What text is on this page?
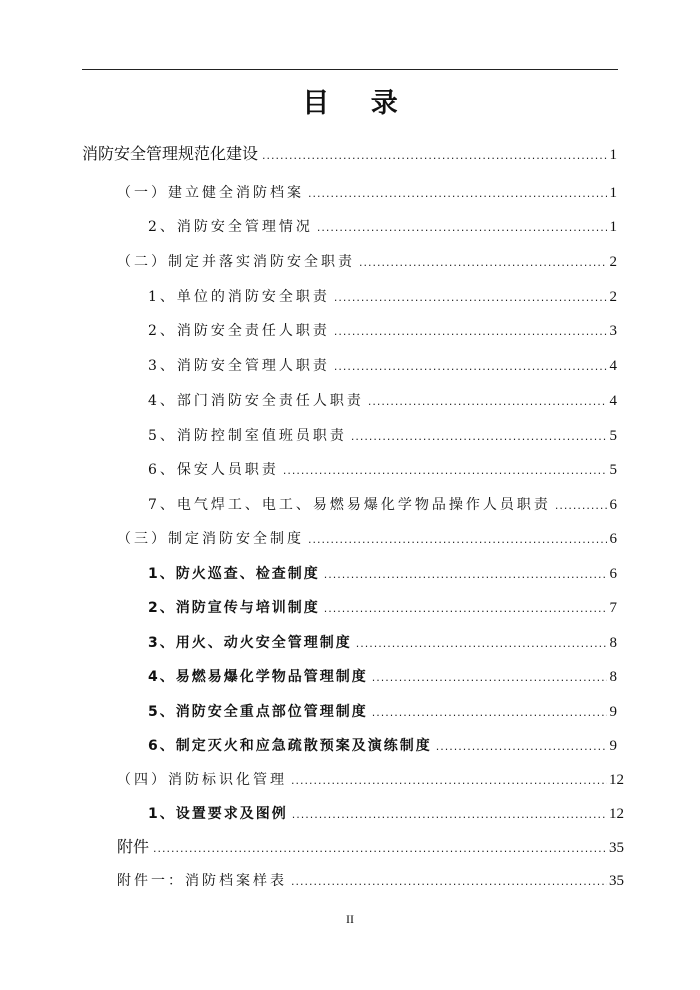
目 录
消防安全管理规范化建设 .....	1
（一）建立健全消防档案 .....	1
2、消防安全管理情况 .....	1
（二）制定并落实消防安全职责 .....	2
1、单位的消防安全职责 .....	2
2、消防安全责任人职责 .....	3
3、消防安全管理人职责 .....	4
4、部门消防安全责任人职责 .....	4
5、消防控制室值班员职责 .....	5
6、保安人员职责 .....	5
7、电气焊工、电工、易燃易爆化学物品操作人员职责 .....	6
（三）制定消防安全制度 .....	6
1、防火巡查、检查制度 .....	6
2、消防宣传与培训制度 .....	7
3、用火、动火安全管理制度 .....	8
4、易燃易爆化学物品管理制度 .....	8
5、消防安全重点部位管理制度 .....	9
6、制定灭火和应急疏散预案及演练制度 .....	9
（四）消防标识化管理 .....	12
1、设置要求及图例 .....	12
附件 .....	35
附件一：消防档案样表 .....	35
II
